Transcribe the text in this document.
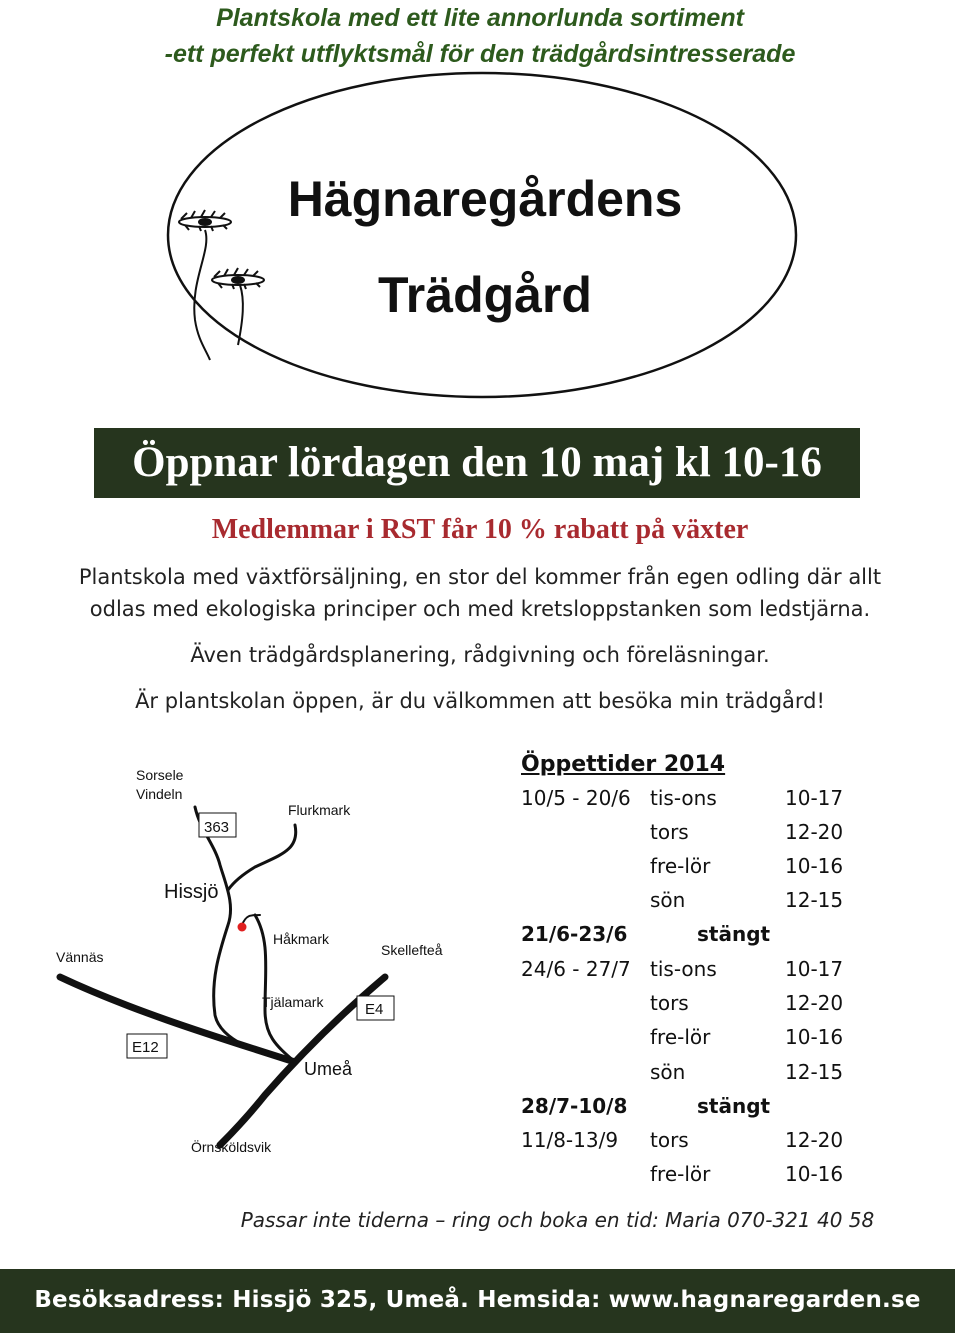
Plantskola med ett lite annorlunda sortiment
-ett perfekt utflyktsmål för den trädgårdsintresserade
Hägnaregårdens
Trädgård
Öppnar lördagen den 10 maj kl 10-16
Medlemmar i RST får 10 % rabatt på växter
Plantskola med växtförsäljning, en stor del kommer från egen odling där allt
odlas med ekologiska principer och med kretsloppstanken som ledstjärna.
Även trädgårdsplanering, rådgivning och föreläsningar.
Är plantskolan öppen, är du välkommen att besöka min trädgård!
Sorsele
Vindeln
363
Flurkmark
Hissjö
Håkmark
Skellefteå
Vännäs
Tjälamark	E4
E12
Umeå
Örnsköldsvik
Öppettider 2014
10/5 - 20/6 tis-ons	10-17
tors	12-20
fre-lör	10-16
sön	12-15
21/6-23/6	stängt
24/6 - 27/7 tis-ons	10-17
tors	12-20
fre-lör	10-16
sön	12-15
28/7-10/8	stängt
11/8-13/9 tors	12-20
fre-lör	10-16
Passar inte tiderna – ring och boka en tid: Maria 070-321 40 58
Besöksadress: Hissjö 325, Umeå. Hemsida: www.hagnaregarden.se
